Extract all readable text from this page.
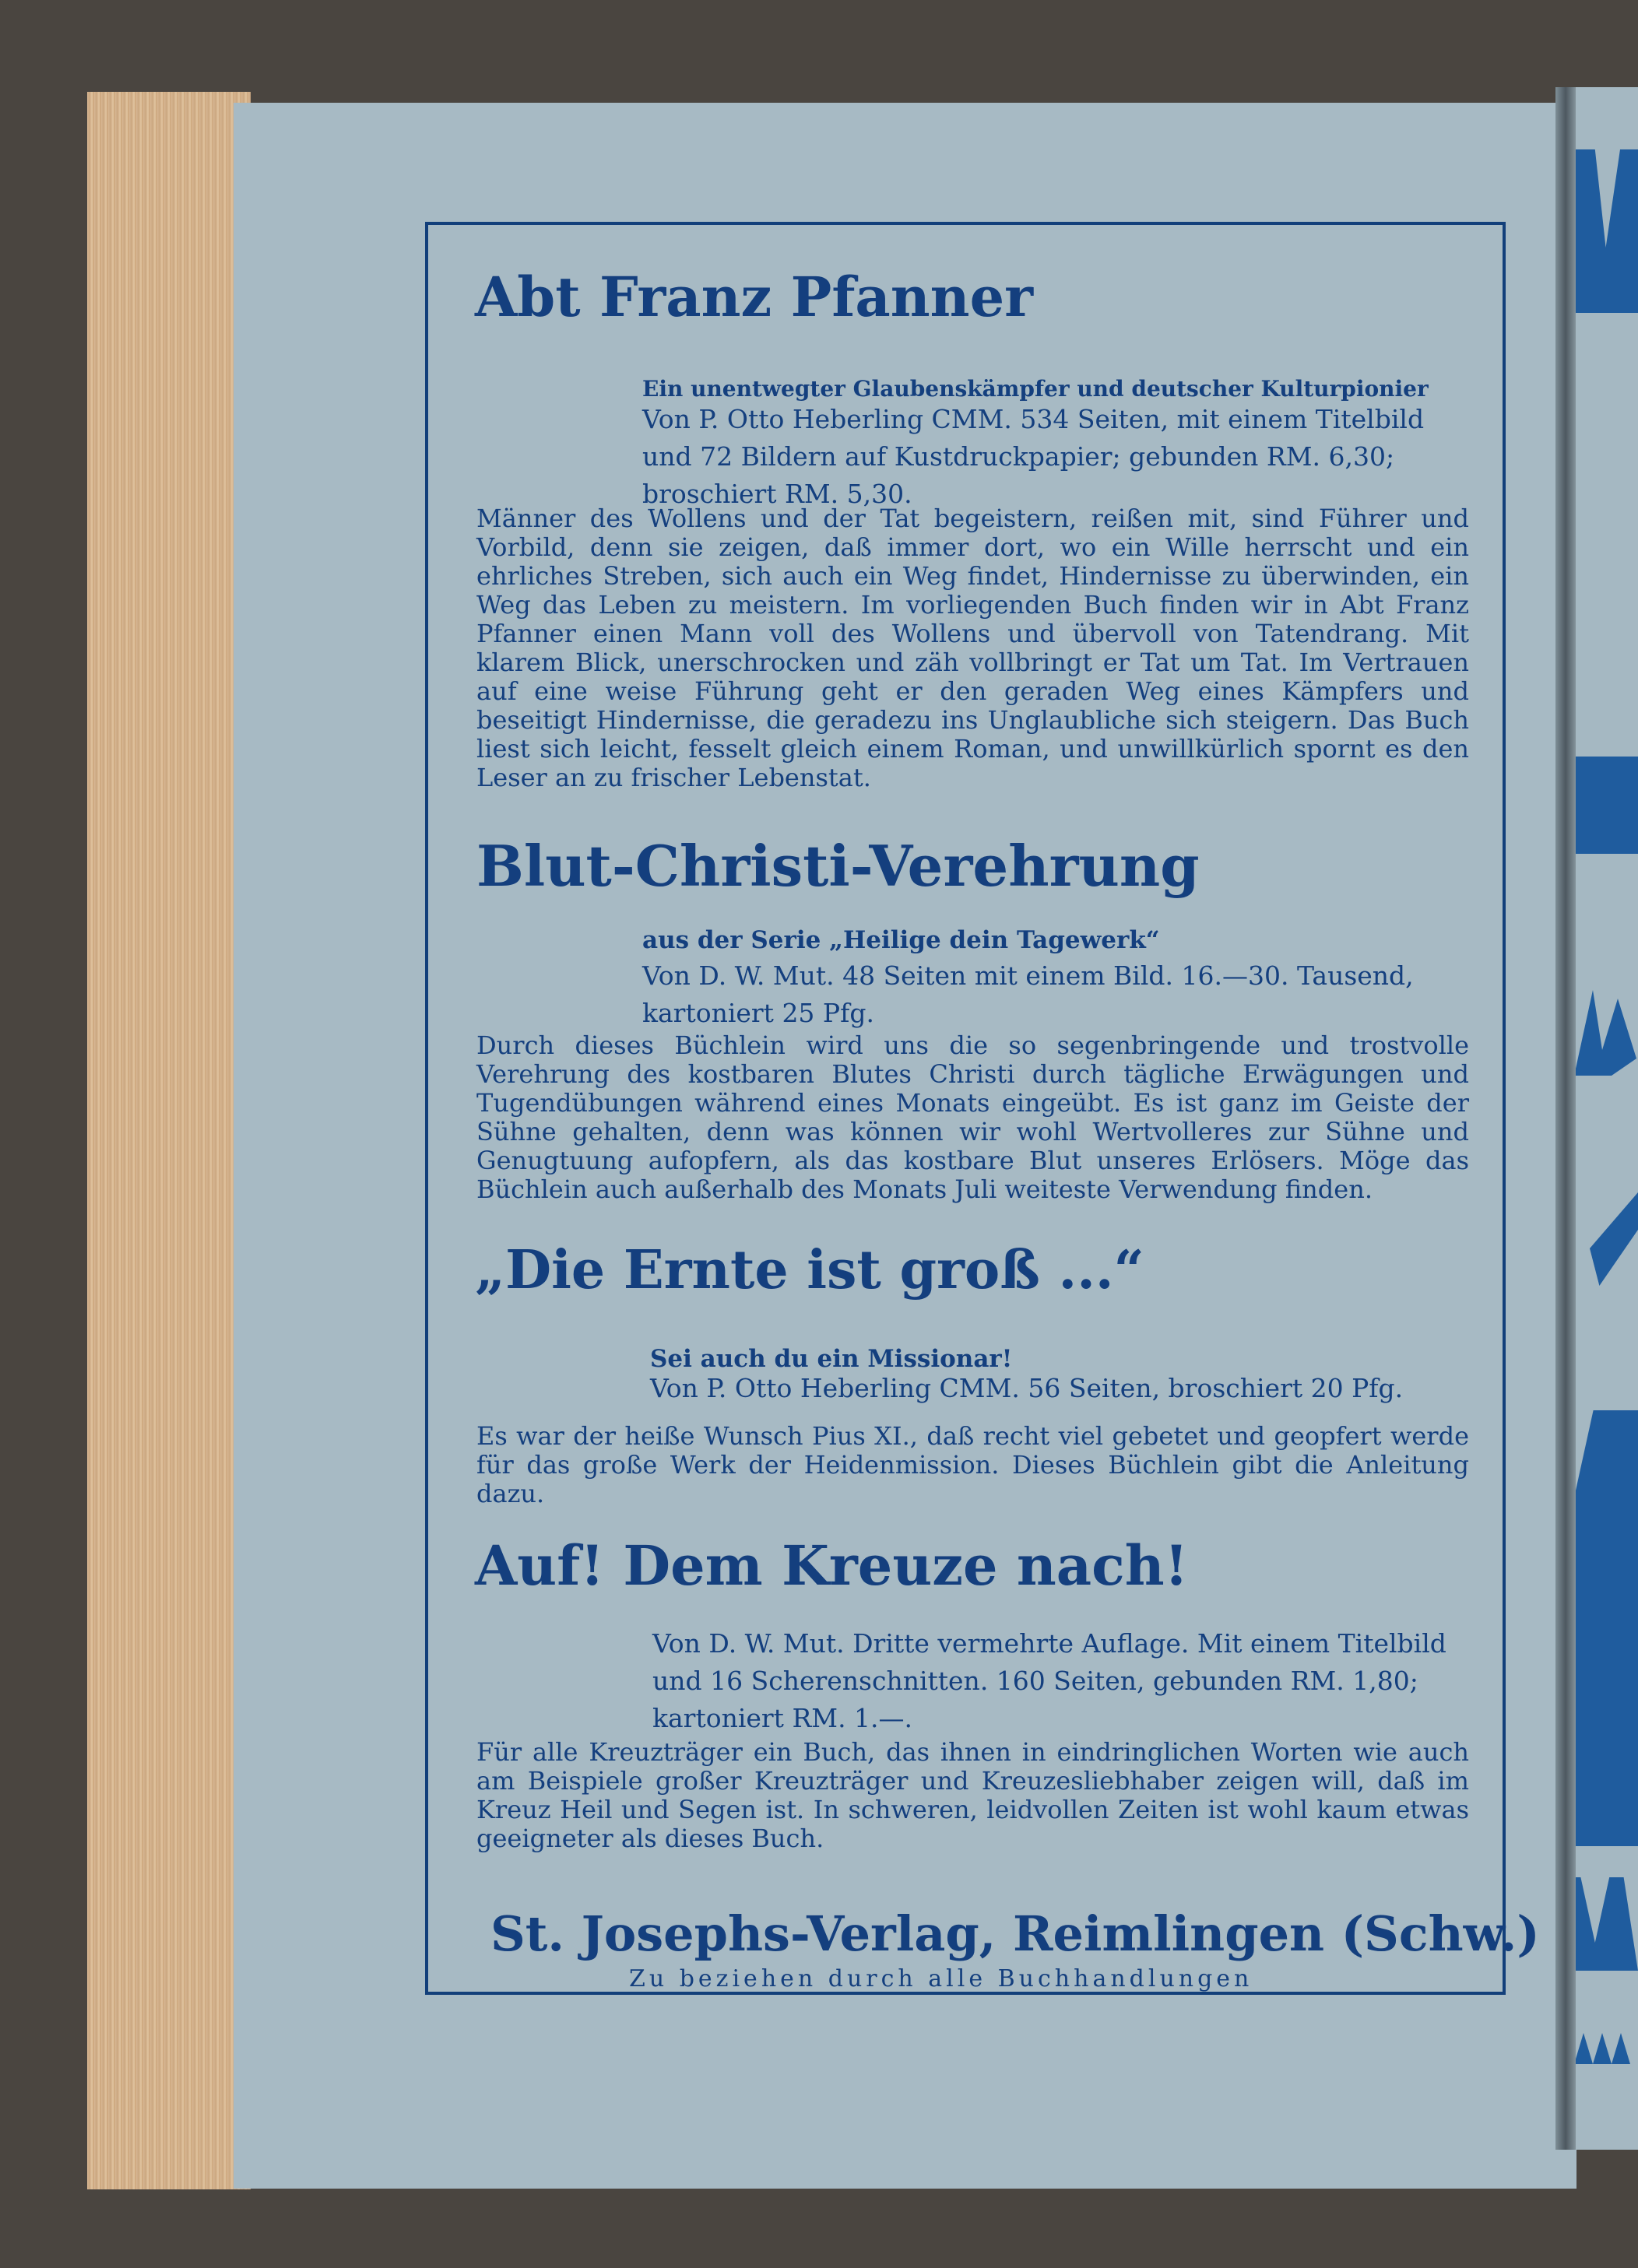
Abt Franz Pfanner

Ein unentwegter Glaubenskämpfer und deutscher Kulturpionier

Von P. Otto Heberling CMM. 534 Seiten, mit einem Titelbild und 72 Bildern auf Kustdruckpapier; gebunden RM. 6,30; broschiert RM. 5,30.

Männer des Wollens und der Tat begeistern, reißen mit, sind Führer und Vorbild, denn sie zeigen, daß immer dort, wo ein Wille herrscht und ein ehrliches Streben, sich auch ein Weg findet, Hindernisse zu überwinden, ein Weg das Leben zu meistern. Im vorliegenden Buch finden wir in Abt Franz Pfanner einen Mann voll des Wollens und übervoll von Tatendrang. Mit klarem Blick, unerschrocken und zäh vollbringt er Tat um Tat. Im Vertrauen auf eine weise Führung geht er den geraden Weg eines Kämpfers und beseitigt Hindernisse, die geradezu ins Unglaubliche sich steigern. Das Buch liest sich leicht, fesselt gleich einem Roman, und unwillkürlich spornt es den Leser an zu frischer Lebenstat.

Blut-Christi-Verehrung

aus der Serie „Heilige dein Tagewerk“

Von D. W. Mut. 48 Seiten mit einem Bild. 16.—30. Tausend, kartoniert 25 Pfg.

Durch dieses Büchlein wird uns die so segenbringende und trostvolle Verehrung des kostbaren Blutes Christi durch tägliche Erwägungen und Tugendübungen während eines Monats eingeübt. Es ist ganz im Geiste der Sühne gehalten, denn was können wir wohl Wertvolleres zur Sühne und Genugtuung aufopfern, als das kostbare Blut unseres Erlösers. Möge das Büchlein auch außerhalb des Monats Juli weiteste Verwendung finden.

„Die Ernte ist groß ...“

Sei auch du ein Missionar!

Von P. Otto Heberling CMM. 56 Seiten, broschiert 20 Pfg.

Es war der heiße Wunsch Pius XI., daß recht viel gebetet und geopfert werde für das große Werk der Heidenmission. Dieses Büchlein gibt die Anleitung dazu.

Auf! Dem Kreuze nach!

Von D. W. Mut. Dritte vermehrte Auflage. Mit einem Titelbild und 16 Scherenschnitten. 160 Seiten, gebunden RM. 1,80; kartoniert RM. 1.—.

Für alle Kreuzträger ein Buch, das ihnen in eindringlichen Worten wie auch am Beispiele großer Kreuzträger und Kreuzesliebhaber zeigen will, daß im Kreuz Heil und Segen ist. In schweren, leidvollen Zeiten ist wohl kaum etwas geeigneter als dieses Buch.

St. Josephs-Verlag, Reimlingen (Schw.)

Zu beziehen durch alle Buchhandlungen
